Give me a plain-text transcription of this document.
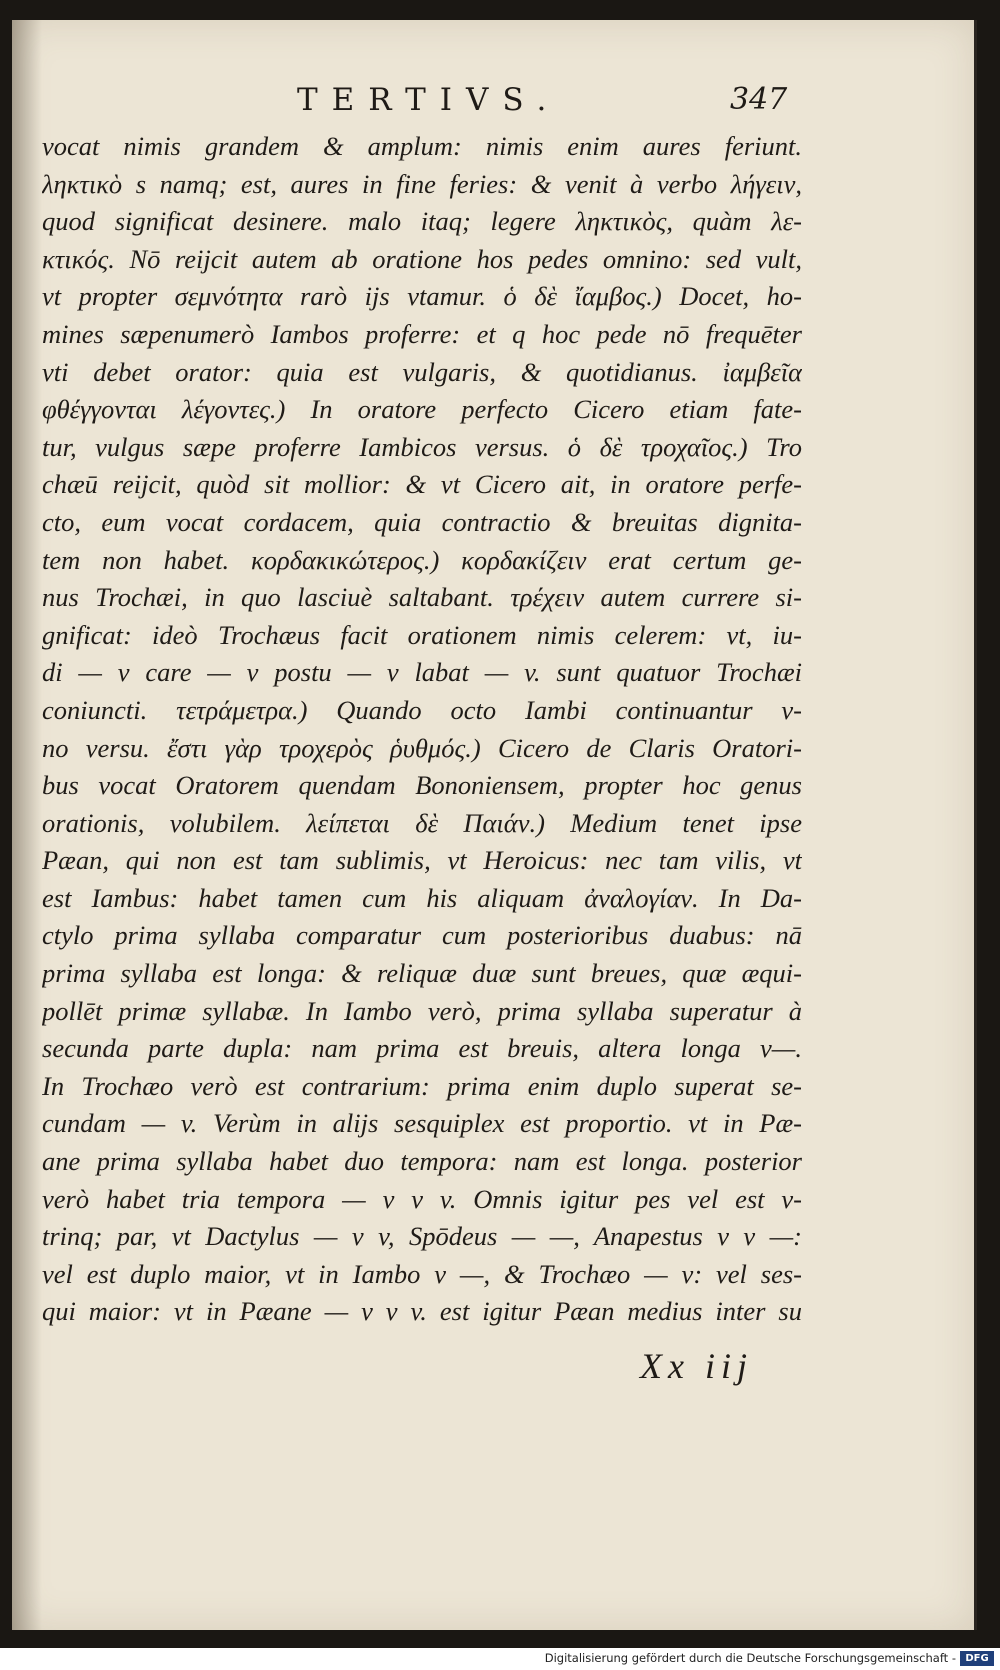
TERTIVS.	347
vocat nimis grandem & amplum: nimis enim aures feriunt.
ληκτικὸ s namq; est, aures in fine feries: & venit à verbo λήγειν,
quod significat desinere. malo itaq; legere ληκτικὸς, quàm λε-
κτικός. Nō reijcit autem ab oratione hos pedes omnino: sed vult,
vt propter σεμνότητα rarò ijs vtamur. ὁ δὲ ἴαμβος.) Docet, ho-
mines sæpenumerò Iambos proferre: et q hoc pede nō frequēter
vti debet orator: quia est vulgaris, & quotidianus. ἰαμβεῖα
φθέγγονται λέγοντες.) In oratore perfecto Cicero etiam fate-
tur, vulgus sæpe proferre Iambicos versus. ὁ δὲ τροχαῖος.) Tro
chæū reijcit, quòd sit mollior: & vt Cicero ait, in oratore perfe-
cto, eum vocat cordacem, quia contractio & breuitas dignita-
tem non habet. κορδακικώτερος.) κορδακίζειν erat certum ge-
nus Trochæi, in quo lasciuè saltabant. τρέχειν autem currere si-
gnificat: ideò Trochæus facit orationem nimis celerem: vt, iu-
di — v care — v postu — v labat — v. sunt quatuor Trochæi
coniuncti. τετράμετρα.) Quando octo Iambi continuantur v-
no versu. ἔστι γὰρ τροχερὸς ῥυθμός.) Cicero de Claris Oratori-
bus vocat Oratorem quendam Bononiensem, propter hoc genus
orationis, volubilem. λείπεται δὲ Παιάν.) Medium tenet ipse
Pæan, qui non est tam sublimis, vt Heroicus: nec tam vilis, vt
est Iambus: habet tamen cum his aliquam ἀναλογίαν. In Da-
ctylo prima syllaba comparatur cum posterioribus duabus: nā
prima syllaba est longa: & reliquæ duæ sunt breues, quæ æqui-
pollēt primæ syllabæ. In Iambo verò, prima syllaba superatur à
secunda parte dupla: nam prima est breuis, altera longa v—.
In Trochæo verò est contrarium: prima enim duplo superat se-
cundam — v. Verùm in alijs sesquiplex est proportio. vt in Pæ-
ane prima syllaba habet duo tempora: nam est longa. posterior
verò habet tria tempora — v v v. Omnis igitur pes vel est v-
trinq; par, vt Dactylus — v v, Spōdeus — —, Anapestus v v —:
vel est duplo maior, vt in Iambo v —, & Trochæo — v: vel ses-
qui maior: vt in Pæane — v v v. est igitur Pæan medius inter su
Xx iij
Digitalisierung gefördert durch die Deutsche Forschungsgemeinschaft - DFG
